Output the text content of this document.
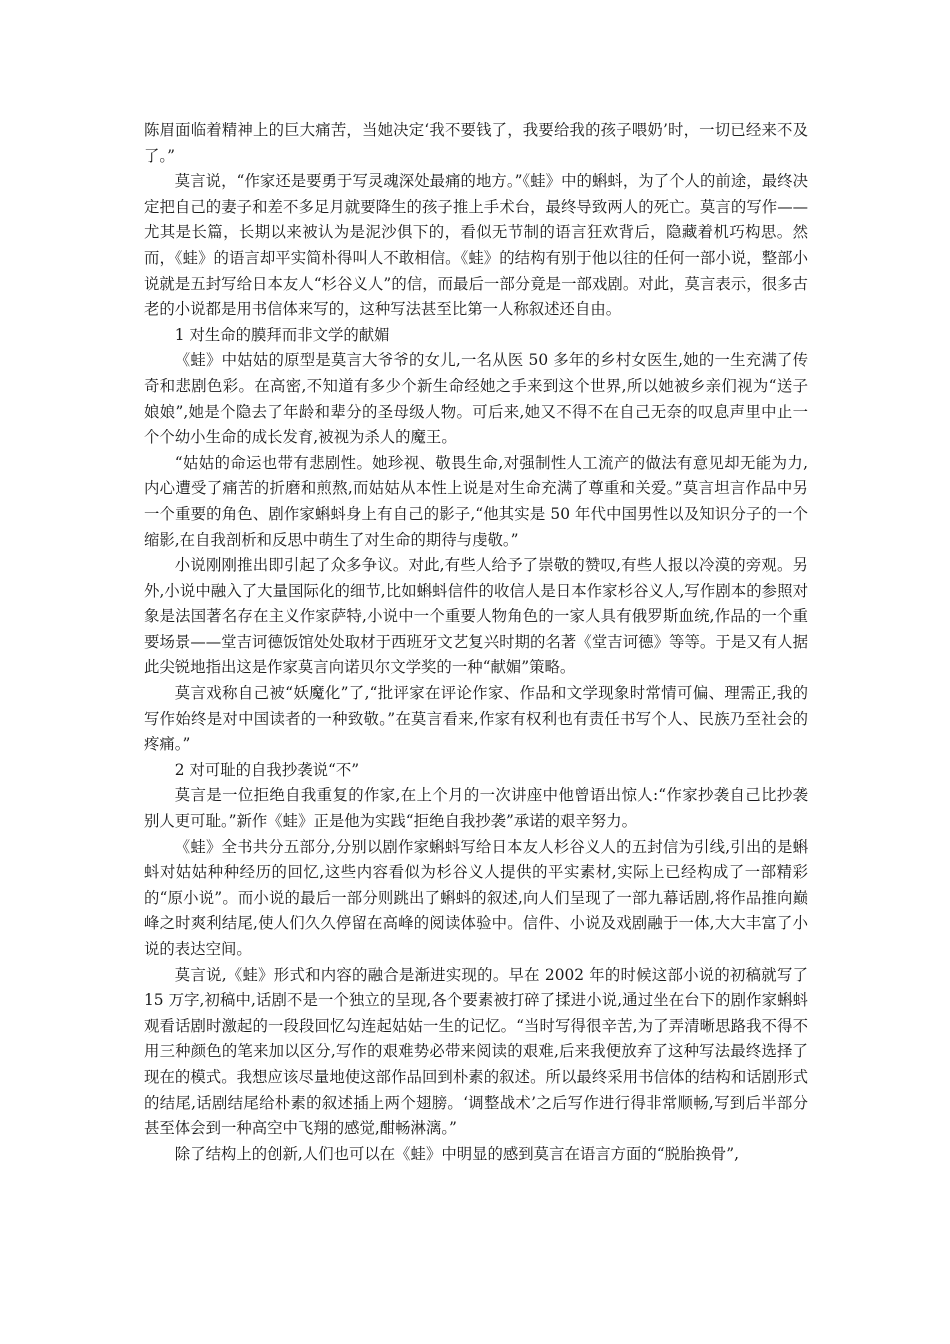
陈眉面临着精神上的巨大痛苦，当她决定‘我不要钱了，我要给我的孩子喂奶’时，一切已经来不及了。”

莫言说，“作家还是要勇于写灵魂深处最痛的地方。”《蛙》中的蝌蚪，为了个人的前途，最终决定把自己的妻子和差不多足月就要降生的孩子推上手术台，最终导致两人的死亡。莫言的写作——尤其是长篇，长期以来被认为是泥沙俱下的，看似无节制的语言狂欢背后，隐藏着机巧构思。然而，《蛙》的语言却平实简朴得叫人不敢相信。《蛙》的结构有别于他以往的任何一部小说，整部小说就是五封写给日本友人“杉谷义人”的信，而最后一部分竟是一部戏剧。对此，莫言表示，很多古老的小说都是用书信体来写的，这种写法甚至比第一人称叙述还自由。

1 对生命的膜拜而非文学的献媚

《蛙》中姑姑的原型是莫言大爷爷的女儿,一名从医 50 多年的乡村女医生,她的一生充满了传奇和悲剧色彩。在高密,不知道有多少个新生命经她之手来到这个世界,所以她被乡亲们视为“送子娘娘”,她是个隐去了年龄和辈分的圣母级人物。可后来,她又不得不在自己无奈的叹息声里中止一个个幼小生命的成长发育,被视为杀人的魔王。

“姑姑的命运也带有悲剧性。她珍视、敬畏生命,对强制性人工流产的做法有意见却无能为力,内心遭受了痛苦的折磨和煎熬,而姑姑从本性上说是对生命充满了尊重和关爱。”莫言坦言作品中另一个重要的角色、剧作家蝌蚪身上有自己的影子,“他其实是 50 年代中国男性以及知识分子的一个缩影,在自我剖析和反思中萌生了对生命的期待与虔敬。”

小说刚刚推出即引起了众多争议。对此,有些人给予了崇敬的赞叹,有些人报以冷漠的旁观。另外,小说中融入了大量国际化的细节,比如蝌蚪信件的收信人是日本作家杉谷义人,写作剧本的参照对象是法国著名存在主义作家萨特,小说中一个重要人物角色的一家人具有俄罗斯血统,作品的一个重要场景——堂吉诃德饭馆处处取材于西班牙文艺复兴时期的名著《堂吉诃德》等等。于是又有人据此尖锐地指出这是作家莫言向诺贝尔文学奖的一种“献媚”策略。

莫言戏称自己被“妖魔化”了,“批评家在评论作家、作品和文学现象时常情可偏、理需正,我的写作始终是对中国读者的一种致敬。”在莫言看来,作家有权利也有责任书写个人、民族乃至社会的疼痛。”

2 对可耻的自我抄袭说“不”

莫言是一位拒绝自我重复的作家,在上个月的一次讲座中他曾语出惊人:“作家抄袭自己比抄袭别人更可耻。”新作《蛙》正是他为实践“拒绝自我抄袭”承诺的艰辛努力。

《蛙》全书共分五部分,分别以剧作家蝌蚪写给日本友人杉谷义人的五封信为引线,引出的是蝌蚪对姑姑种种经历的回忆,这些内容看似为杉谷义人提供的平实素材,实际上已经构成了一部精彩的“原小说”。而小说的最后一部分则跳出了蝌蚪的叙述,向人们呈现了一部九幕话剧,将作品推向巅峰之时爽利结尾,使人们久久停留在高峰的阅读体验中。信件、小说及戏剧融于一体,大大丰富了小说的表达空间。

莫言说,《蛙》形式和内容的融合是渐进实现的。早在 2002 年的时候这部小说的初稿就写了 15 万字,初稿中,话剧不是一个独立的呈现,各个要素被打碎了揉进小说,通过坐在台下的剧作家蝌蚪观看话剧时激起的一段段回忆勾连起姑姑一生的记忆。“当时写得很辛苦,为了弄清晰思路我不得不用三种颜色的笔来加以区分,写作的艰难势必带来阅读的艰难,后来我便放弃了这种写法最终选择了现在的模式。我想应该尽量地使这部作品回到朴素的叙述。所以最终采用书信体的结构和话剧形式的结尾,话剧结尾给朴素的叙述插上两个翅膀。‘调整战术’之后写作进行得非常顺畅,写到后半部分甚至体会到一种高空中飞翔的感觉,酣畅淋漓。”

除了结构上的创新,人们也可以在《蛙》中明显的感到莫言在语言方面的“脱胎换骨”,
